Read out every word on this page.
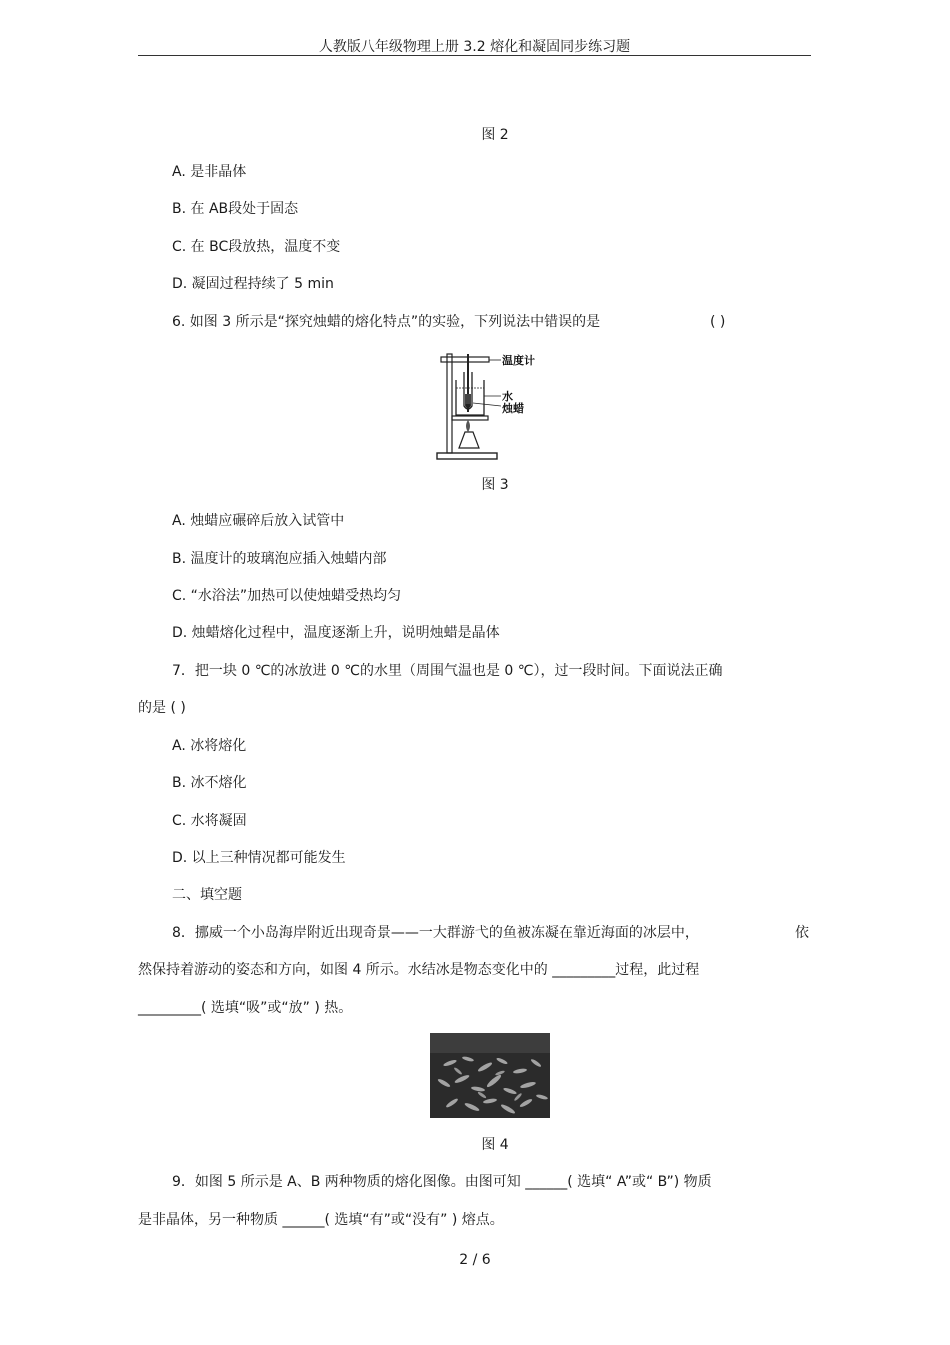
人教版八年级物理上册 3.2 熔化和凝固同步练习题
图 2
A. 是非晶体
B. 在 AB段处于固态
C. 在 BC段放热，温度不变
D. 凝固过程持续了 5 min
6. 如图 3 所示是“探究烛蜡的熔化特点”的实验，下列说法中错误的是	( )
温度计
水
烛蜡
图 3
A. 烛蜡应碾碎后放入试管中
B. 温度计的玻璃泡应插入烛蜡内部
C. “水浴法”加热可以使烛蜡受热均匀
D. 烛蜡熔化过程中，温度逐渐上升，说明烛蜡是晶体
7．把一块 0 ℃的冰放进 0 ℃的水里（周围气温也是 0 ℃），过一段时间。下面说法正确
的是 ( )
A. 冰将熔化
B. 冰不熔化
C. 水将凝固
D. 以上三种情况都可能发生
二、填空题
8．挪威一个小岛海岸附近出现奇景——一大群游弋的鱼被冻凝在靠近海面的冰层中，	依
然保持着游动的姿态和方向，如图 4 所示。水结冰是物态变化中的 _________过程，此过程
_________( 选填“吸”或“放” ) 热。
图 4
9．如图 5 所示是 A、B 两种物质的熔化图像。由图可知 ______( 选填“ A”或“ B”) 物质
是非晶体，另一种物质 ______( 选填“有”或“没有” ) 熔点。
2 / 6
